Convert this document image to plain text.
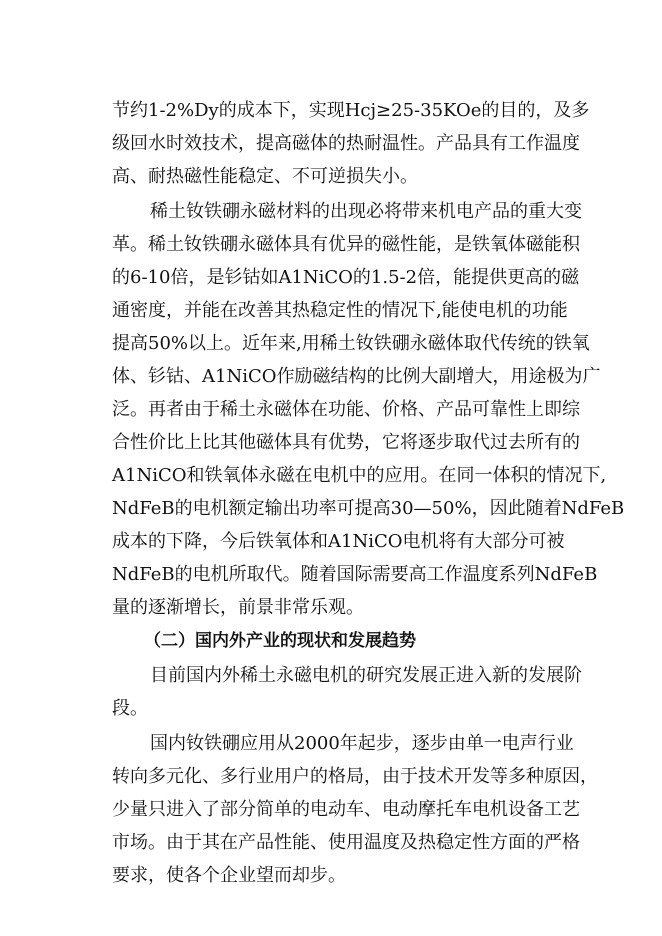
节约1-2%Dy的成本下，实现Hcj≥25-35KOe的目的，及多
级回水时效技术，提高磁体的热耐温性。产品具有工作温度
高、耐热磁性能稳定、不可逆损失小。
稀土钕铁硼永磁材料的出现必将带来机电产品的重大变
革。稀土钕铁硼永磁体具有优异的磁性能，是铁氧体磁能积
的6-10倍，是钐钴如A1NiCO的1.5-2倍，能提供更高的磁
通密度，并能在改善其热稳定性的情况下,能使电机的功能
提高50%以上。近年来,用稀土钕铁硼永磁体取代传统的铁氧
体、钐钴、A1NiCO作励磁结构的比例大副增大，用途极为广
泛。再者由于稀土永磁体在功能、价格、产品可靠性上即综
合性价比上比其他磁体具有优势，它将逐步取代过去所有的
A1NiCO和铁氧体永磁在电机中的应用。在同一体积的情况下,
NdFeB的电机额定输出功率可提高30—50%，因此随着NdFeB
成本的下降，今后铁氧体和A1NiCO电机将有大部分可被
NdFeB的电机所取代。随着国际需要高工作温度系列NdFeB
量的逐渐增长，前景非常乐观。
（二）国内外产业的现状和发展趋势
目前国内外稀土永磁电机的研究发展正进入新的发展阶
段。
国内钕铁硼应用从2000年起步，逐步由单一电声行业
转向多元化、多行业用户的格局，由于技术开发等多种原因，
少量只进入了部分简单的电动车、电动摩托车电机设备工艺
市场。由于其在产品性能、使用温度及热稳定性方面的严格
要求，使各个企业望而却步。
